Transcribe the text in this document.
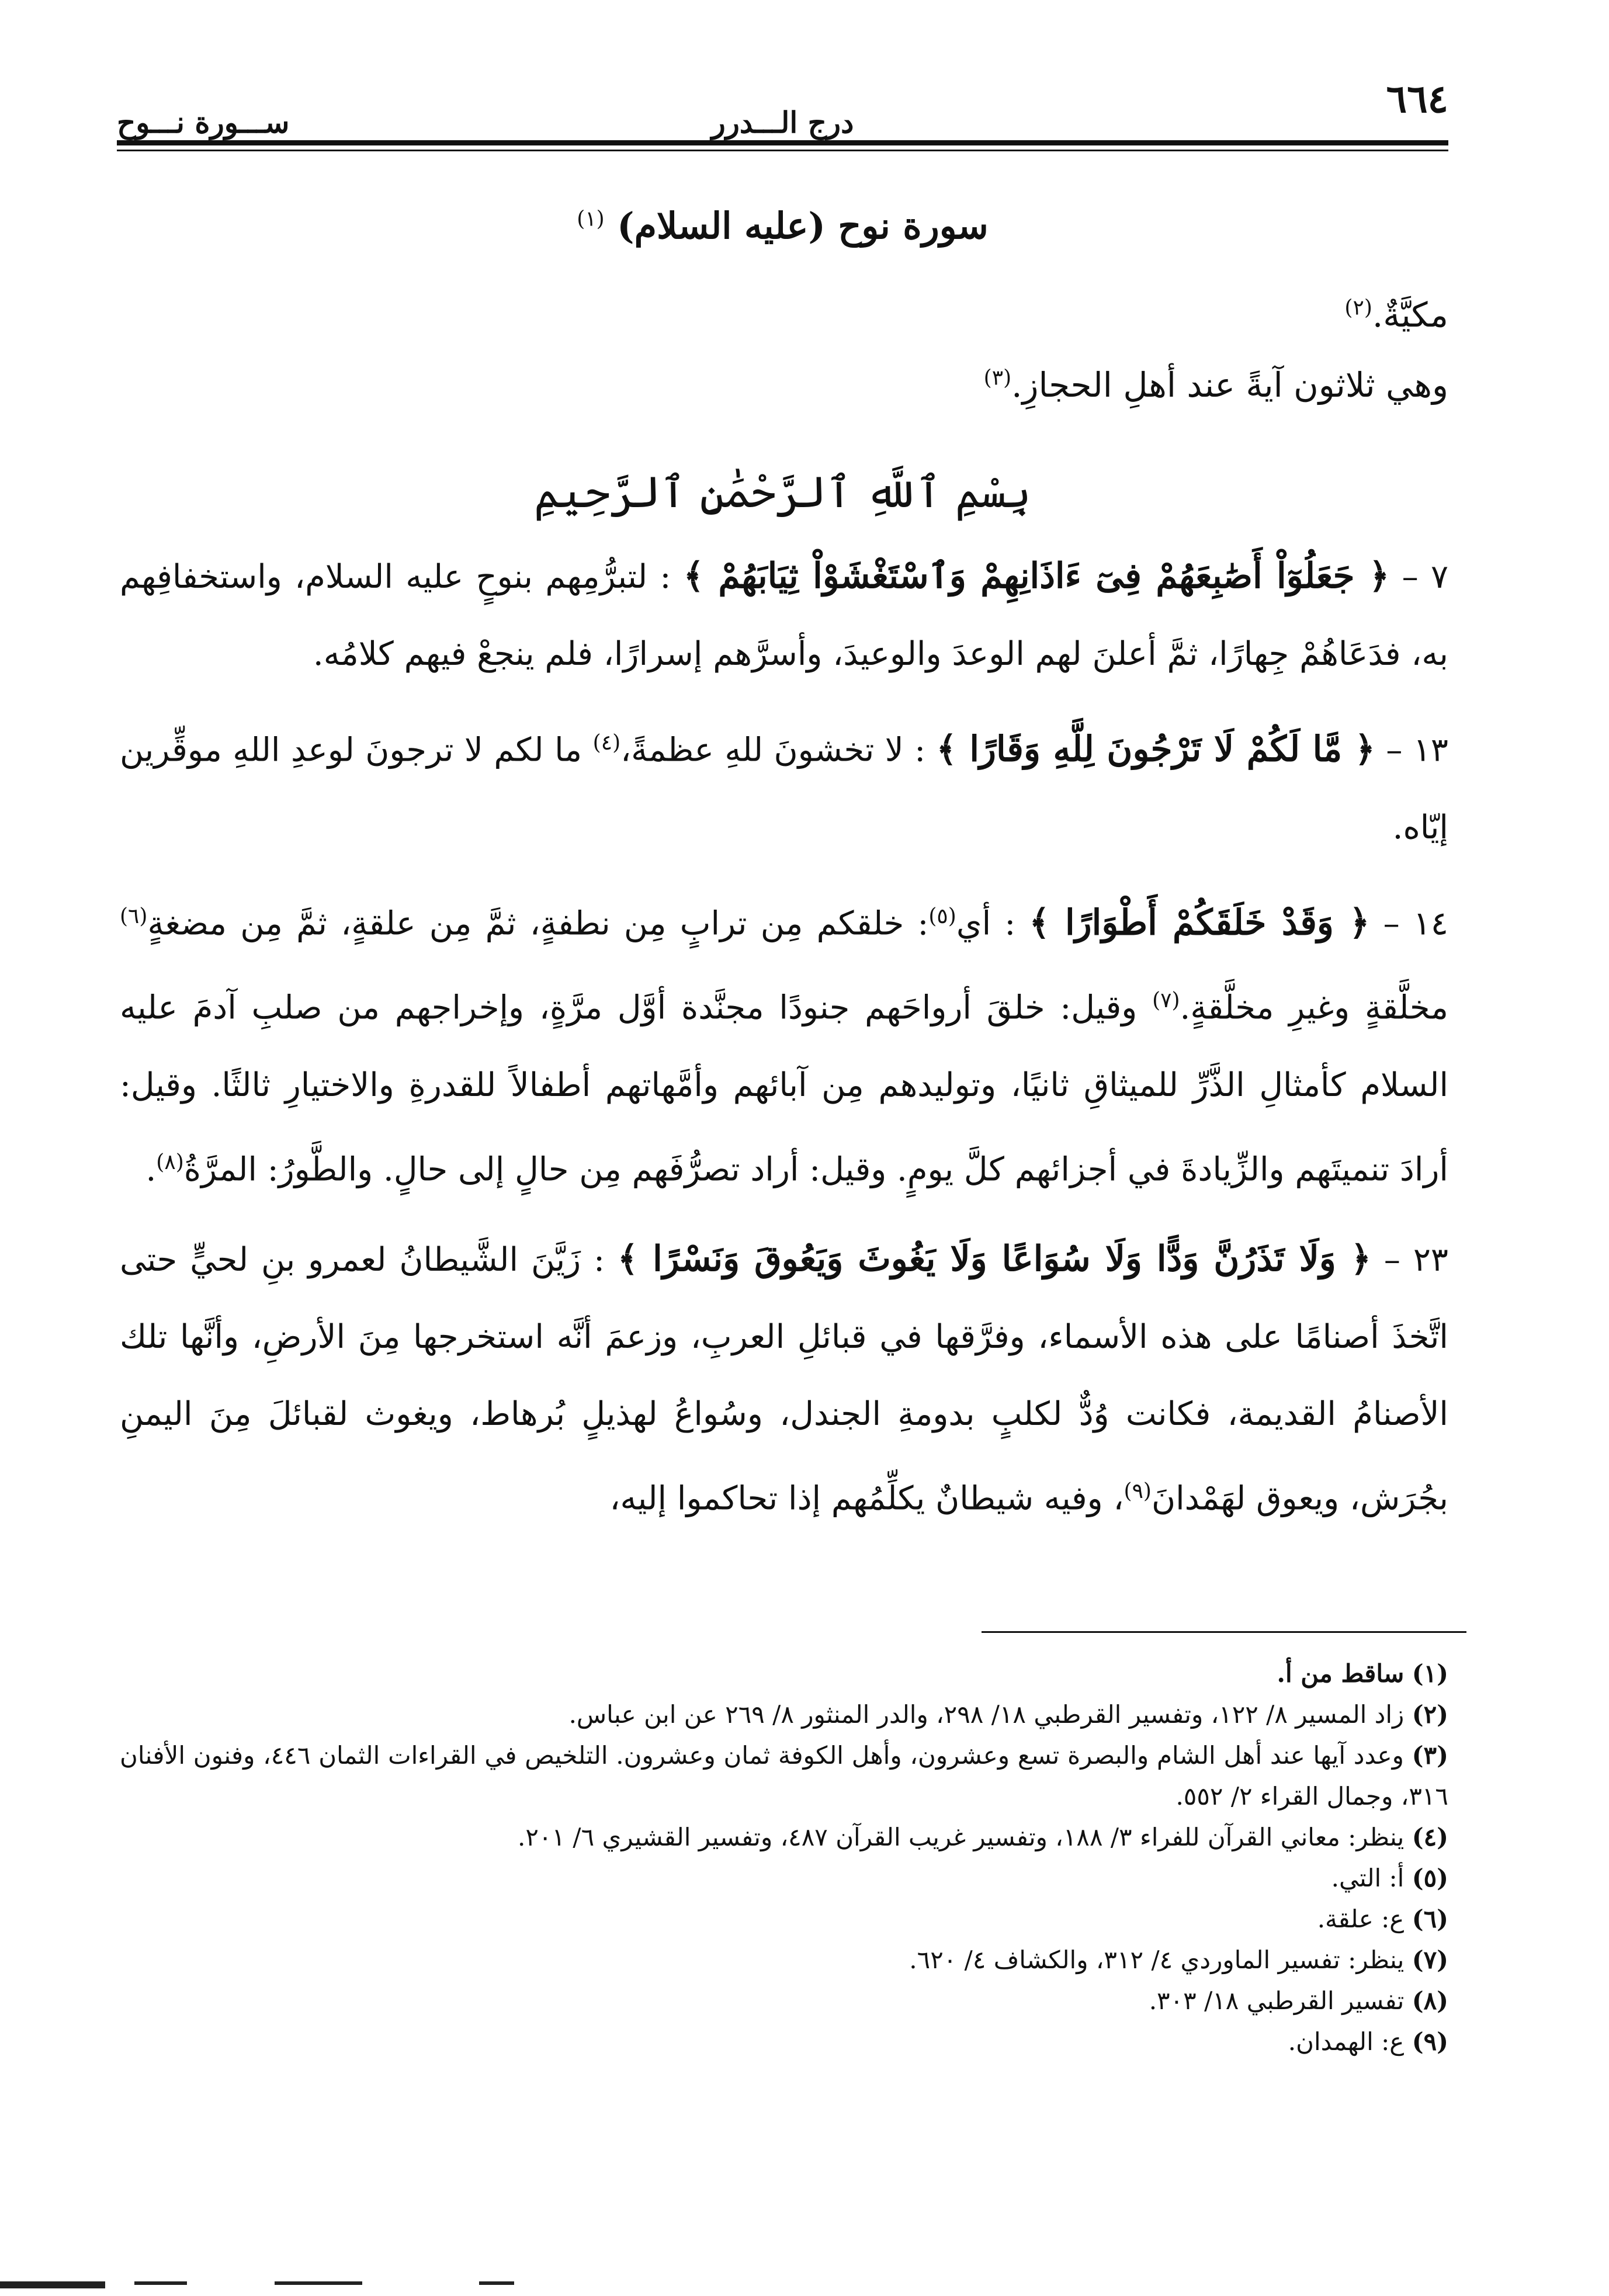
٦٦٤
درج الـــدرر
ســـورة نـــوح
سورة نوح (عليه السلام) $^{(١)}$
مكيَّةٌ.$^{(٢)}$
وهي ثلاثون آيةً عند أهلِ الحجازِ.$^{(٣)}$
بِسْمِ ٱللَّهِ ٱلرَّحْمَٰنِ ٱلرَّحِيمِ

٧ – ﴿ جَعَلُوٓاْ أَصَٰبِعَهُمْ فِىٓ ءَاذَانِهِمْ وَٱسْتَغْشَوْاْ ثِيَابَهُمْ ﴾ : لتبرُّمِهم بنوحٍ عليه السلام، واستخفافِهم به، فدَعَاهُمْ جِهارًا، ثمَّ أعلنَ لهم الوعدَ والوعيدَ، وأسرَّهم إسرارًا، فلم ينجعْ فيهم كلامُه.

١٣ – ﴿ مَّا لَكُمْ لَا تَرْجُونَ لِلَّهِ وَقَارًا ﴾ : لا تخشونَ للهِ عظمةً،$^{(٤)}$ ما لكم لا ترجونَ لوعدِ اللهِ موقِّرين إيّاه.

١٤ – ﴿ وَقَدْ خَلَقَكُمْ أَطْوَارًا ﴾ : أي$^{(٥)}$: خلقكم مِن ترابٍ مِن نطفةٍ، ثمَّ مِن علقةٍ، ثمَّ مِن مضغةٍ$^{(٦)}$ مخلَّقةٍ وغيرِ مخلَّقةٍ.$^{(٧)}$ وقيل: خلقَ أرواحَهم جنودًا مجنَّدة أوَّل مرَّةٍ، وإخراجهم من صلبِ آدمَ عليه السلام كأمثالِ الذَّرِّ للميثاقِ ثانيًا، وتوليدهم مِن آبائهم وأمَّهاتهم أطفالاً للقدرةِ والاختيارِ ثالثًا. وقيل: أرادَ تنميتَهم والزِّيادةَ في أجزائهم كلَّ يومٍ. وقيل: أراد تصرُّفَهم مِن حالٍ إلى حالٍ. والطَّورُ: المرَّةُ$^{(٨)}$.

٢٣ – ﴿ وَلَا تَذَرُنَّ وَدًّا وَلَا سُوَاعًا وَلَا يَغُوثَ وَيَعُوقَ وَنَسْرًا ﴾ : زَيَّنَ الشَّيطانُ لعمرو بنِ لحيٍّ حتى اتَّخذَ أصنامًا على هذه الأسماء، وفرَّقها في قبائلِ العربِ، وزعمَ أنَّه استخرجها مِنَ الأرضِ، وأنَّها تلك الأصنامُ القديمة، فكانت وُدٌّ لكلبٍ بدومةِ الجندل، وسُواعُ لهذيلٍ بُرهاط، ويغوث لقبائلَ مِنَ اليمنِ بجُرَش، ويعوق لهَمْدانَ$^{(٩)}$، وفيه شيطانٌ يكلِّمُهم إذا تحاكموا إليه،

(١) ساقط من أ.

(٢) زاد المسير ٨/ ١٢٢، وتفسير القرطبي ١٨/ ٢٩٨، والدر المنثور ٨/ ٢٦٩ عن ابن عباس.

(٣) وعدد آيها عند أهل الشام والبصرة تسع وعشرون، وأهل الكوفة ثمان وعشرون. التلخيص في القراءات الثمان ٤٤٦، وفنون الأفنان ٣١٦، وجمال القراء ٢/ ٥٥٢.

(٤) ينظر: معاني القرآن للفراء ٣/ ١٨٨، وتفسير غريب القرآن ٤٨٧، وتفسير القشيري ٦/ ٢٠١.

(٥) أ: التي.

(٦) ع: علقة.

(٧) ينظر: تفسير الماوردي ٤/ ٣١٢، والكشاف ٤/ ٦٢٠.

(٨) تفسير القرطبي ١٨/ ٣٠٣.

(٩) ع: الهمدان.
